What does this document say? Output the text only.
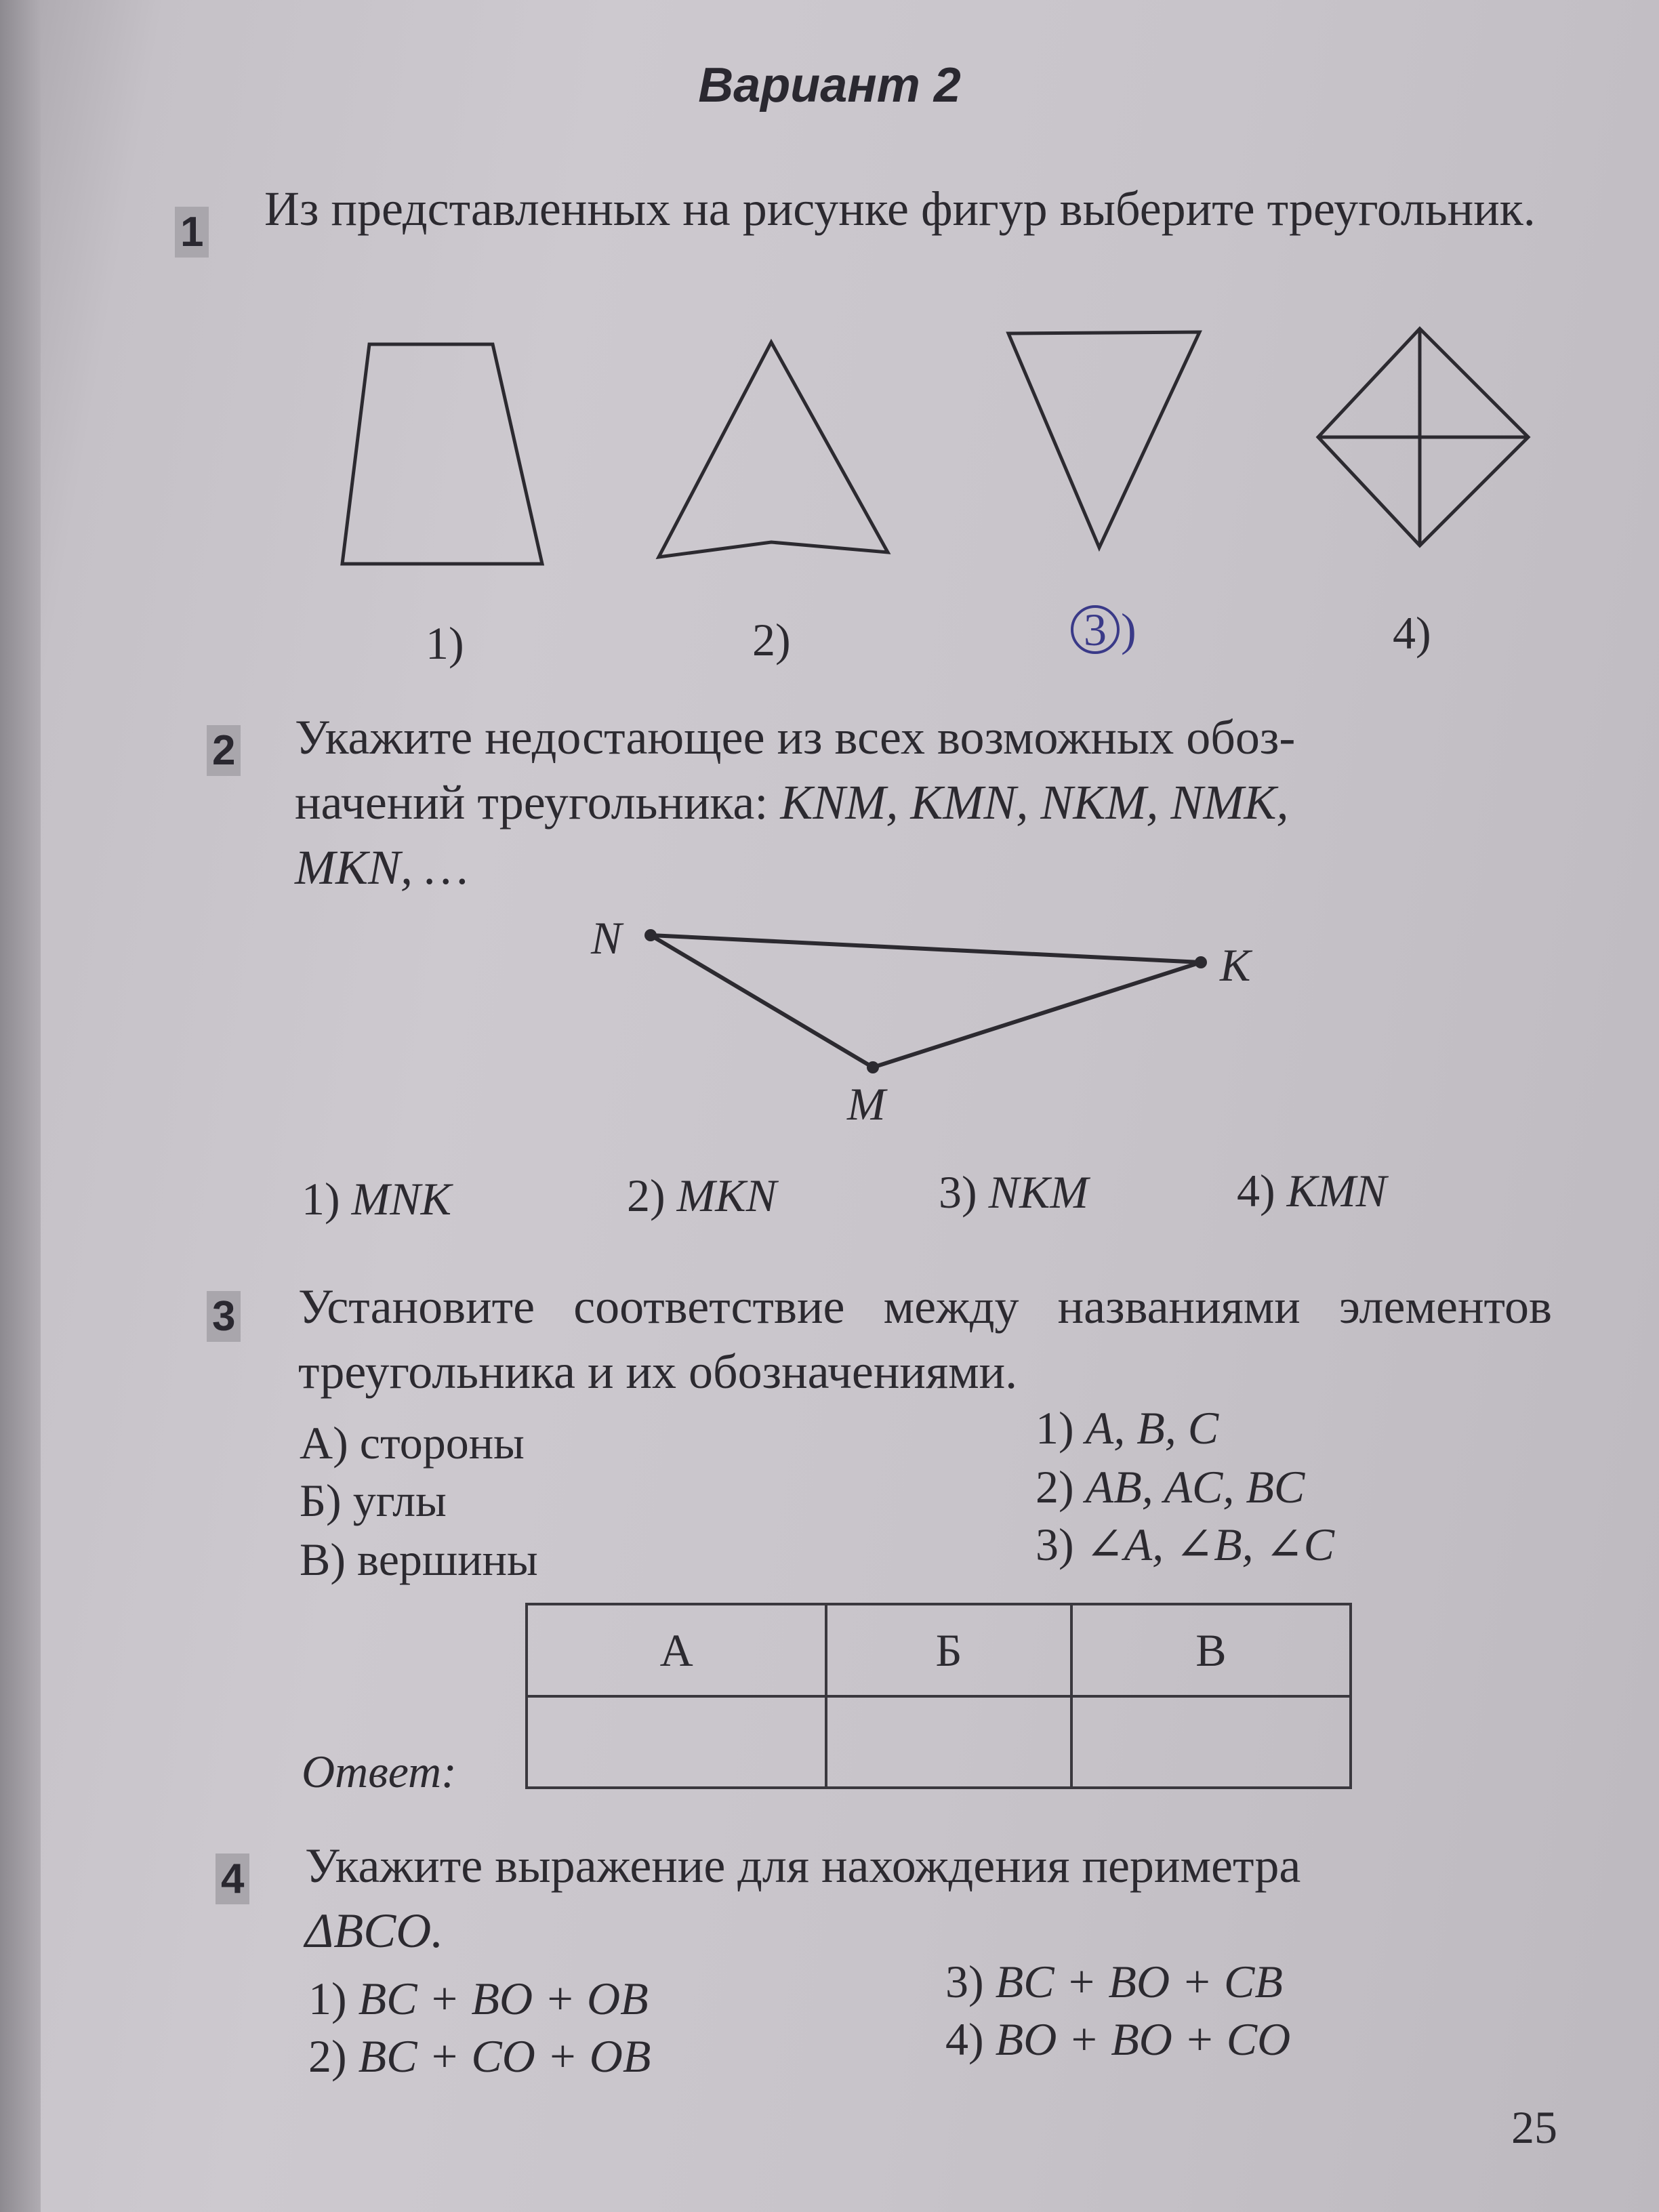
Вариант 2
1 Из представленных на рисунке фигур выберите треугольник.
1)	2)	3 )	4)
2 Укажите недостающее из всех возможных обоз-
начений треугольника: KNM, KMN, NKM, NMK,
MKN, …
N
K
M
1) MNK	2) MKN	3) NKM	4) KMN
3 Установите соответствие между названиями элементов треугольника и их обозначениями.
А) стороны
Б) углы
В) вершины
1) A, B, C
2) AB, AC, BC
3) ∠A, ∠B, ∠C
Ответ:
А	Б	В

4 Укажите выражение для нахождения периметра
ΔBCO.
1) BC + BO + OB
2) BC + CO + OB
3) BC + BO + CB
4) BO + BO + CO
25
